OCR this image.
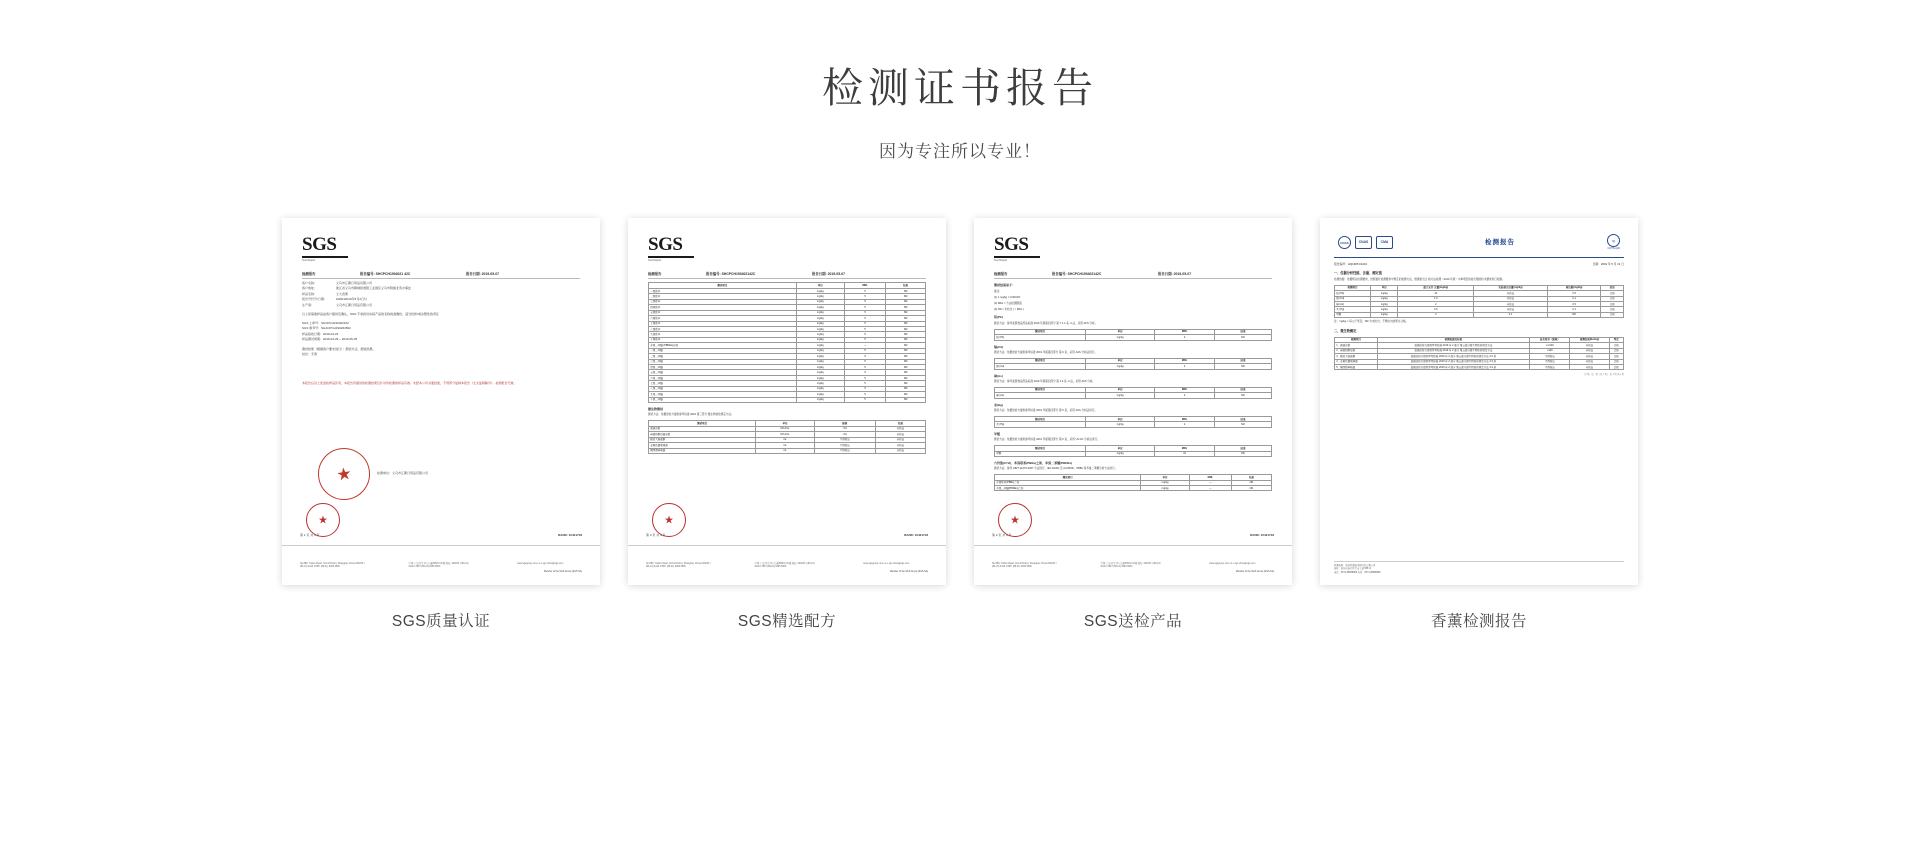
检测证书报告
因为专注所以专业！
SGS
Test Report
检测报告	报告编号: SHCPCH1904021 42C	报告日期: 2019-05-07
客户名称：	义乌市汇趣日用品有限公司
客户地址：	浙江省义乌市稠城街道银工业园区义乌市附属北苑办事处
样品名称：	义大香薰
报告号代号/日期：	ZH0012019年5月2日付
生产商：	义乌市汇趣日用品有限公司
以上是基准样品由客户提供及确认，SGS 不承担该实际产品的名称的准确性、适当性和/或完整性的责任
SGS 上单号：SHCPCH190402162
SGS 参考号：SHACPCH190204502
样品接收日期：2019-04-23
样品测试周期：2019-04-29 ~ 2019-05-05
测试结果（根据客户要求进行）：测试方法、测试结果。
结论：无毒
本报告仅对上述送检样品负责，本报告所提供的检测结果仅针对所检测的样品有效。未经本公司书面批准，不得部分复制本报告（全文复制除外）。检测报告无效。
★	检测单位：义乌市汇趣日用品有限公司
★
第 1 页 共 4 页	RAND: 10421718
No.889, Yishan Road, Xuhui District, Shanghai, China 200233 t (86-21) 6140 1788 f (86-21) 6495 6500
中国·上海·徐汇区宜山路889号3号楼 邮编: 200233 t (86-21) 6140 1788 f (86-21) 6495 6500
www.sgsgroup.com.cn e sgs.china@sgs.com
Member of the SGS Group (SGS SA)
SGS质量认证
SGS
Test Report
检测报告	报告编号: SHCPCH190402142C	报告日期: 2019-05-07
测试项目	单位	MDL	结果
一溴联苯	mg/kg	5	ND
二溴联苯	mg/kg	5	ND
三溴联苯	mg/kg	5	ND
四溴联苯	mg/kg	5	ND
五溴联苯	mg/kg	5	ND
六溴联苯	mg/kg	5	ND
七溴联苯	mg/kg	5	ND
八溴联苯	mg/kg	5	ND
九溴联苯	mg/kg	5	ND
十溴联苯	mg/kg	5	ND
多溴二苯醚 (PBDEs)总和	mg/kg	—	ND
一溴二苯醚	mg/kg	5	ND
二溴二苯醚	mg/kg	5	ND
三溴二苯醚	mg/kg	5	ND
四溴二苯醚	mg/kg	5	ND
五溴二苯醚	mg/kg	5	ND
六溴二苯醚	mg/kg	5	ND
七溴二苯醚	mg/kg	5	ND
八溴二苯醚	mg/kg	5	ND
九溴二苯醚	mg/kg	5	ND
十溴二苯醚	mg/kg	5	ND
微生物测试
测试方法：依据送检方提供参考标准 2019 第三部分 微生物检验规定方法。
测试项目	单位	限值	结果
菌落总数	CFU/mL	<10	未检出
霉菌和酵母菌总数	CFU/mL	<10	未检出
耐热大肠菌群	mL	不得检出	未检出
金黄色葡萄球菌	mL	不得检出	未检出
铜绿假单胞菌	mL	不得检出	未检出
★
第 3 页 共 4 页	RAND: 10421718
No.889, Yishan Road, Xuhui District, Shanghai, China 200233 t (86-21) 6140 1788 f (86-21) 6495 6500
中国·上海·徐汇区宜山路889号3号楼 邮编: 200233 t (86-21) 6140 1788 f (86-21) 6495 6500
www.sgsgroup.com.cn e sgs.china@sgs.com
Member of the SGS Group (SGS SA)
SGS精选配方
SGS
Test Report
检测报告	报告编号: SHCPCH190402142C	报告日期: 2019-05-07
测试结果单于：
备注：
(1) 1 mg/kg = 0.0001%
(2) MDL = 方法检测限值
(3) ND = 未检出 ( < MDL )
铅(Pb)
测试方法：参考美国食品药品标准 2019 年版第四部分 第 7.1.4 条 -2 法，采用 AFS 分析。
测试项目	单位	MDL	结果
铅 (Pb)	mg/kg	2	ND
镉(Cd)
测试方法：依据送检方提供参考标准 2019 年版第四部分 第 9 条，采用 AAS 分析法进行。
测试项目	单位	MDL	结果
镉 (Cd)	mg/kg	2	ND
砷(As)
测试方法：参考美国食品药品标准 2019 年版第四部分 第 1.2 条 -2 法，采用 AFS 分析。
测试项目	单位	MDL	结果
砷 (As)	mg/kg	2	ND
汞(Hg)
测试方法：依据送检方提供参考标准 2019 年版第四部分 第 5 条，采用 AAS 分析法进行。
测试项目	单位	MDL	结果
汞 (Hg)	mg/kg	2	ND
甲醛
测试方法：依据送检方提供参考标准 2019 年版第四部分 第 6 条，采用 UV-Vis 分析法进行。
测试项目	单位	MDL	结果
甲醛	mg/kg	10	ND
六价铬(CrVI)、多溴联苯(PBBs)之和、多溴二苯醚(PBDEs)
测试方法：参考 GB/T 21276-2007 方法进行；IEC 62321 及 GC/MSD、PBBs 和多溴二苯醚分析方法进行。
测试项目	单位	MDL	结果
多溴联苯(PBBs)之和	mg/kg	—	ND
多溴二苯醚(PBDEs)之和	mg/kg	—	ND
★
第 2 页 共 4 页	RAND: 10421718
No.889, Yishan Road, Xuhui District, Shanghai, China 200233 t (86-21) 6140 1788 f (86-21) 6495 6500
中国·上海·徐汇区宜山路889号3号楼 邮编: 200233 t (86-21) 6140 1788 f (86-21) 6495 6500
www.sgsgroup.com.cn e sgs.china@sgs.com
Member of the SGS Group (SGS SA)
SGS送检产品
CNAS	CNAS	CMA	检测报告	Q
CQTS-QAI
报告编号：HQ1905 01431	日期：2019 年 5 月 21 日
一、仪器分析性能、含量、测定值
检测依据：依据相关检测要求，按照委托检测要求中规定的检测方法，根据检出合 格方法检测（2019 年版）中单项目的检出限的技术要求进行检测。
检测项目	单位	最大允许 含量(mg/kg)	实际检出含量(mg/kg)	检出限(mg/kg)	结论
铅 (Pb)	mg/kg	10	未检出	0.5	合格
镉 (Cd)	mg/kg	1.0	未检出	0.1	合格
砷 (As)	mg/kg	2	未检出	0.5	合格
汞 (Hg)	mg/kg	0.5	未检出	0.1	合格
甲醛	mg/kg	2	0.1	ND	合格
注：mg/kg = 每公斤毫克；ND 为未检出；不得检出结果为合格。
二、微生物测定
检测项目	检测依据及标准	技术要求（限值）	检测结果(Eu/mg)	判定
1、菌落总数	依据送检方提供参考标准 2019 年 2 部分 第五部分微生物检验规定方法	≤1,000	未检出	合格
2、霉菌和酵母菌	依据送检方提供参考标准 2019 年 2 部分 第五部分微生物检验规定方法	≤100	未检出	合格
3、耐热大肠菌群	依据送检方提供参考标准 2019 年 2 部分 第五部分微生物检验规定方法 3.2 条	不得检出	未检出	合格
4、金黄色葡萄球菌	依据送检方提供参考标准 2019 年 2 部分 第五部分微生物检验规定方法 3.3 条	不得检出	未检出	合格
5、铜绿假单胞菌	依据送检方提供参考标准 2019 年 2 部分 第五部分微生物检验规定方法 3.4 条	不得检出	未检出	合格
（下页）第三页（共 1 页） 第 1 页 共 1 页
检测机构：杭州检测技术研究院有限公司
地址：杭州市滨江区江南大道 588 号
电话：0571-88888888 传真：0571-88888866
香薰检测报告
